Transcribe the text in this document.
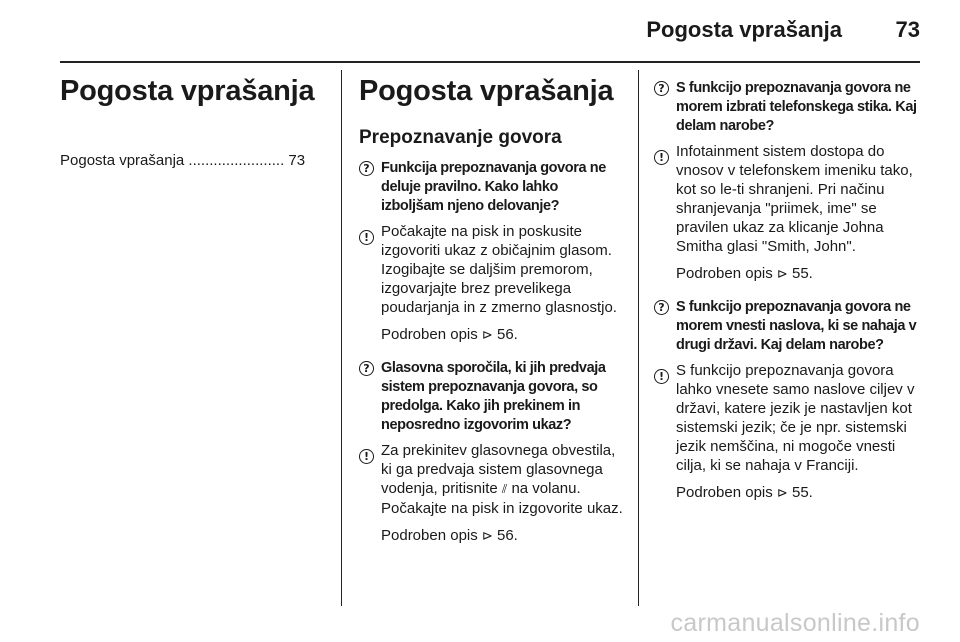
Pogosta vprašanja 73
Pogosta vprašanja
Pogosta vprašanja ....................... 73
Pogosta vprašanja
Prepoznavanje govora
? Funkcija prepoznavanja govora ne deluje pravilno. Kako lahko izboljšam njeno delovanje?
! Počakajte na pisk in poskusite izgovoriti ukaz z običajnim glasom. Izogibajte se daljšim premorom, izgovarjajte brez prevelikega poudarjanja in z zmerno glasnostjo.
Podroben opis ⊳ 56.
? Glasovna sporočila, ki jih predvaja sistem prepoznavanja govora, so predolga. Kako jih prekinem in neposredno izgovorim ukaz?
! Za prekinitev glasovnega obvestila, ki ga predvaja sistem glasovnega vodenja, pritisnite ⫽ na volanu. Počakajte na pisk in izgovorite ukaz.
Podroben opis ⊳ 56.
? S funkcijo prepoznavanja govora ne morem izbrati telefonskega stika. Kaj delam narobe?
! Infotainment sistem dostopa do vnosov v telefonskem imeniku tako, kot so le-ti shranjeni. Pri načinu shranjevanja "priimek, ime" se pravilen ukaz za klicanje Johna Smitha glasi "Smith, John".
Podroben opis ⊳ 55.
? S funkcijo prepoznavanja govora ne morem vnesti naslova, ki se nahaja v drugi državi. Kaj delam narobe?
! S funkcijo prepoznavanja govora lahko vnesete samo naslove ciljev v državi, katere jezik je nastavljen kot sistemski jezik; če je npr. sistemski jezik nemščina, ni mogoče vnesti cilja, ki se nahaja v Franciji.
Podroben opis ⊳ 55.
carmanualsonline.info
